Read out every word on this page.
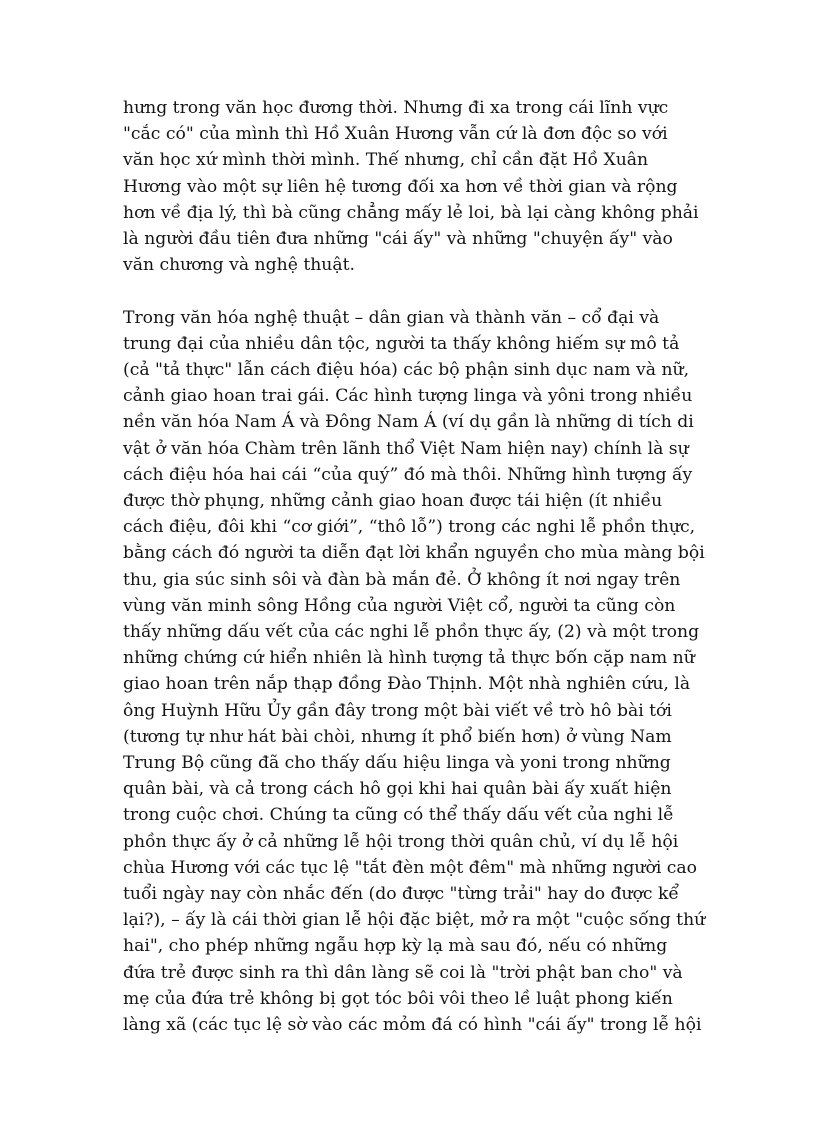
hưng trong văn học đương thời. Nhưng đi xa trong cái lĩnh vực
"cắc có" của mình thì Hồ Xuân Hương vẫn cứ là đơn độc so với
văn học xứ mình thời mình. Thế nhưng, chỉ cần đặt Hồ Xuân
Hương vào một sự liên hệ tương đối xa hơn về thời gian và rộng
hơn về địa lý, thì bà cũng chẳng mấy lẻ loi, bà lại càng không phải
là người đầu tiên đưa những "cái ấy" và những "chuyện ấy" vào
văn chương và nghệ thuật.

Trong văn hóa nghệ thuật – dân gian và thành văn – cổ đại và
trung đại của nhiều dân tộc, người ta thấy không hiếm sự mô tả
(cả "tả thực" lẫn cách điệu hóa) các bộ phận sinh dục nam và nữ,
cảnh giao hoan trai gái. Các hình tượng linga và yôni trong nhiều
nền văn hóa Nam Á và Đông Nam Á (ví dụ gần là những di tích di
vật ở văn hóa Chàm trên lãnh thổ Việt Nam hiện nay) chính là sự
cách điệu hóa hai cái “của quý” đó mà thôi. Những hình tượng ấy
được thờ phụng, những cảnh giao hoan được tái hiện (ít nhiều
cách điệu, đôi khi “cơ giới”, “thô lỗ”) trong các nghi lễ phồn thực,
bằng cách đó người ta diễn đạt lời khẩn nguyền cho mùa màng bội
thu, gia súc sinh sôi và đàn bà mắn đẻ. Ở không ít nơi ngay trên
vùng văn minh sông Hồng của người Việt cổ, người ta cũng còn
thấy những dấu vết của các nghi lễ phồn thực ấy, (2) và một trong
những chứng cứ hiển nhiên là hình tượng tả thực bốn cặp nam nữ
giao hoan trên nắp thạp đồng Đào Thịnh. Một nhà nghiên cứu, là
ông Huỳnh Hữu Ủy gần đây trong một bài viết về trò hô bài tới
(tương tự như hát bài chòi, nhưng ít phổ biến hơn) ở vùng Nam
Trung Bộ cũng đã cho thấy dấu hiệu linga và yoni trong những
quân bài, và cả trong cách hô gọi khi hai quân bài ấy xuất hiện
trong cuộc chơi. Chúng ta cũng có thể thấy dấu vết của nghi lễ
phồn thực ấy ở cả những lễ hội trong thời quân chủ, ví dụ lễ hội
chùa Hương với các tục lệ "tắt đèn một đêm" mà những người cao
tuổi ngày nay còn nhắc đến (do được "từng trải" hay do được kể
lại?), – ấy là cái thời gian lễ hội đặc biệt, mở ra một "cuộc sống thứ
hai", cho phép những ngẫu hợp kỳ lạ mà sau đó, nếu có những
đứa trẻ được sinh ra thì dân làng sẽ coi là "trời phật ban cho" và
mẹ của đứa trẻ không bị gọt tóc bôi vôi theo lề luật phong kiến
làng xã (các tục lệ sờ vào các mỏm đá có hình "cái ấy" trong lễ hội
